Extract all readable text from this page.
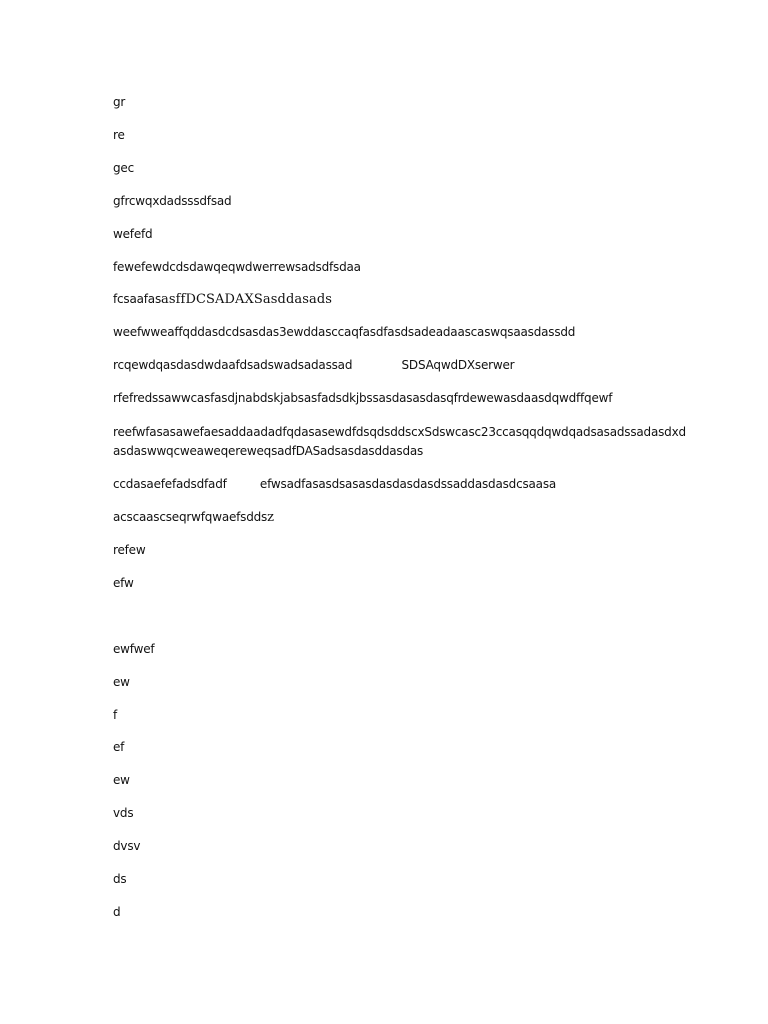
gr
re
gec
gfrcwqxdadsssdfsad
wefefd
fewefewdcdsdawqeqwdwerrewsadsdfsdaa
fcsaafasasffDCSADAXSasddasads
weefwweaffqddasdcdsasdas3ewddasccaqfasdfasdsadeadaascaswqsaasdassdd
rcqewdqasdasdwdaafdsadswadsadassad	SDSAqwdDXserwer
rfefredssawwcasfasdjnabdskjabsasfadsdkjbssasdasasdasqfrdewewasdaasdqwdffqewf
reefwfasasawefaesaddaadadfqdasasewdfdsqdsddscxSdswcasc23ccasqqdqwdqadsasadssadasdxd
asdaswwqcweaweqereweqsadfDASadsasdasddasdas
ccdasaefefadsdfadf	efwsadfasasdsasasdasdasdasdssaddasdasdcsaasa
acscaascseqrwfqwaefsddsz
refew
efw
ewfwef
ew
f
ef
ew
vds
dvsv
ds
d
